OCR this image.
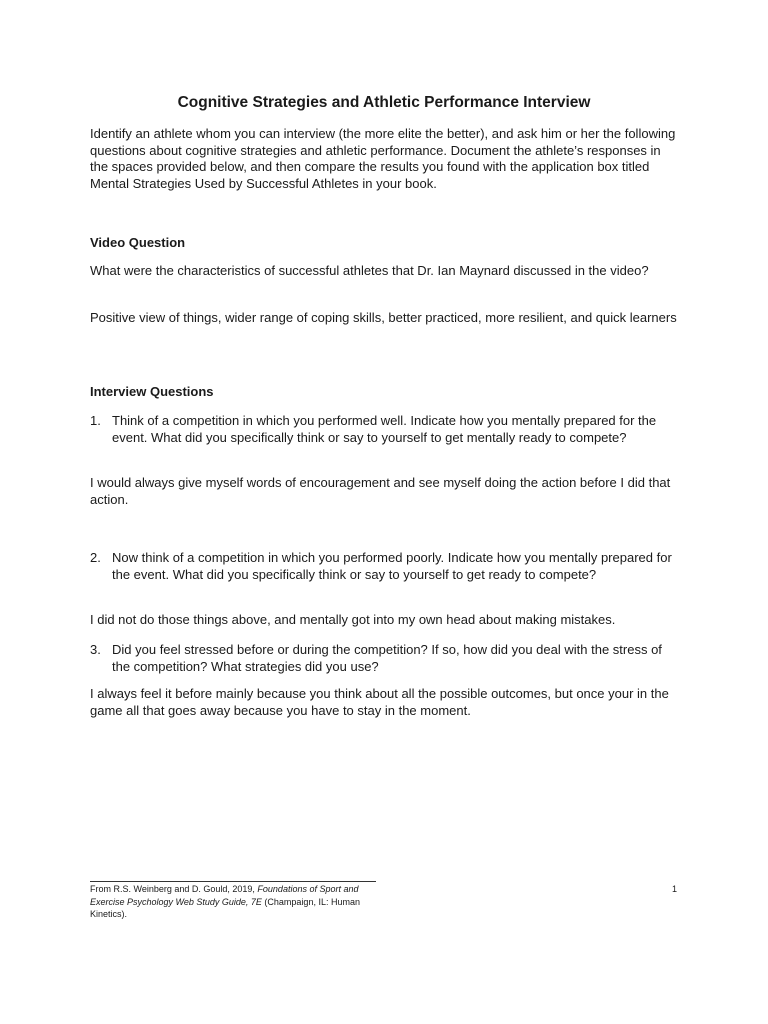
Cognitive Strategies and Athletic Performance Interview
Identify an athlete whom you can interview (the more elite the better), and ask him or her the following questions about cognitive strategies and athletic performance. Document the athlete’s responses in the spaces provided below, and then compare the results you found with the application box titled Mental Strategies Used by Successful Athletes in your book.
Video Question
What were the characteristics of successful athletes that Dr. Ian Maynard discussed in the video?
Positive view of things, wider range of coping skills, better practiced, more resilient, and quick learners
Interview Questions
1. Think of a competition in which you performed well. Indicate how you mentally prepared for the event. What did you specifically think or say to yourself to get mentally ready to compete?
I would always give myself words of encouragement and see myself doing the action before I did that action.
2. Now think of a competition in which you performed poorly. Indicate how you mentally prepared for the event. What did you specifically think or say to yourself to get ready to compete?
I did not do those things above, and mentally got into my own head about making mistakes.
3. Did you feel stressed before or during the competition? If so, how did you deal with the stress of the competition? What strategies did you use?
I always feel it before mainly because you think about all the possible outcomes, but once your in the game all that goes away because you have to stay in the moment.
From R.S. Weinberg and D. Gould, 2019, Foundations of Sport and Exercise Psychology Web Study Guide, 7E (Champaign, IL: Human Kinetics).
1
